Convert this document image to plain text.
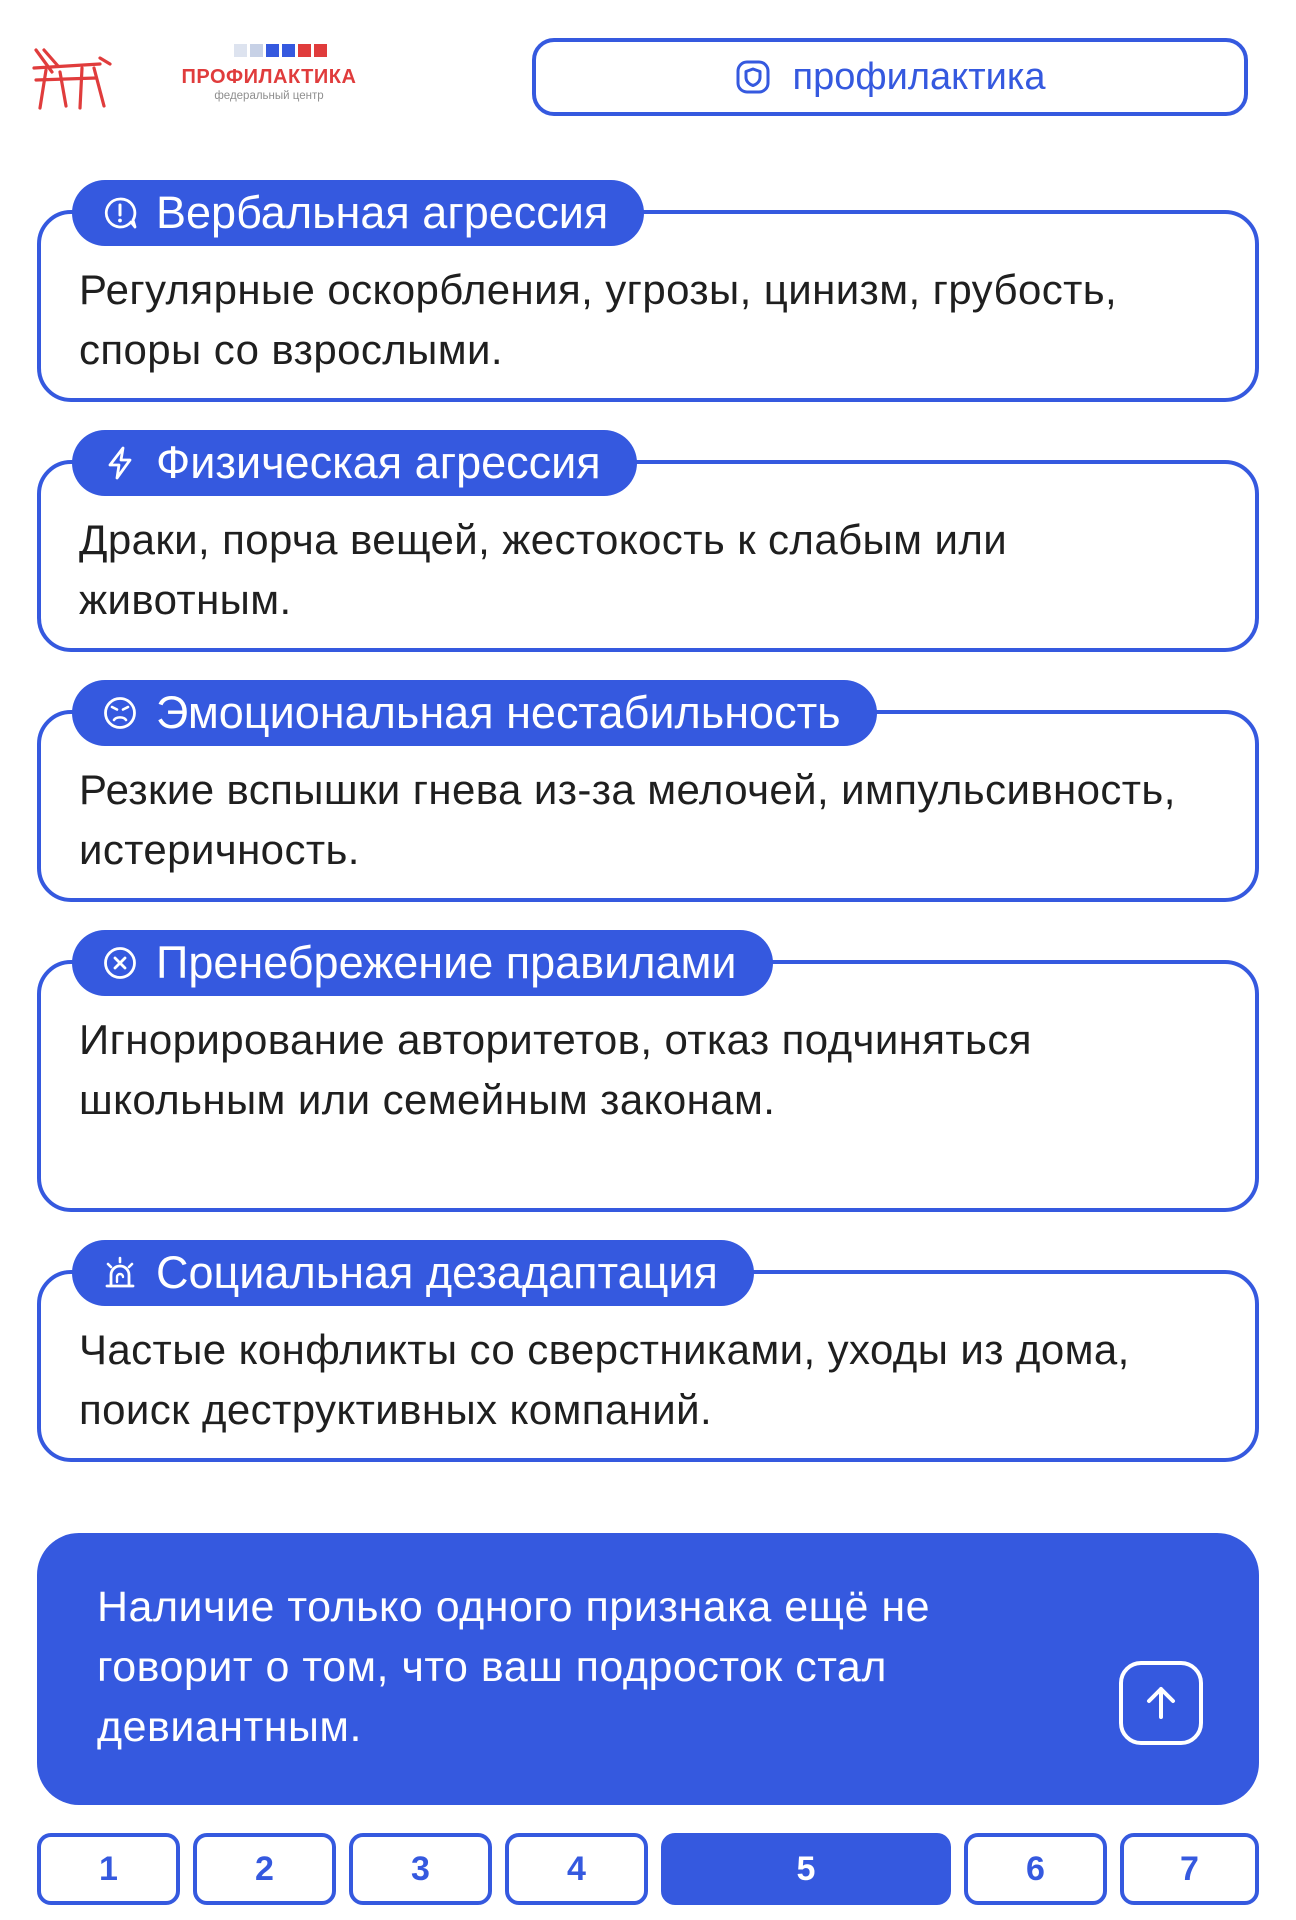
ПРОФИЛАКТИКА
федеральный центр	профилактика
Вербальная агрессия
Регулярные оскорбления, угрозы, цинизм, грубость, споры со взрослыми.
Физическая агрессия
Драки, порча вещей, жестокость к слабым или животным.
Эмоциональная нестабильность
Резкие вспышки гнева из-за мелочей, импульсивность, истеричность.
Пренебрежение правилами
Игнорирование авторитетов, отказ подчиняться школьным или семейным законам.
Социальная дезадаптация
Частые конфликты со сверстниками, уходы из дома, поиск деструктивных компаний.
Наличие только одного признака ещё не говорит о том, что ваш подросток стал девиантным.
1	2	3	4	5	6	7
